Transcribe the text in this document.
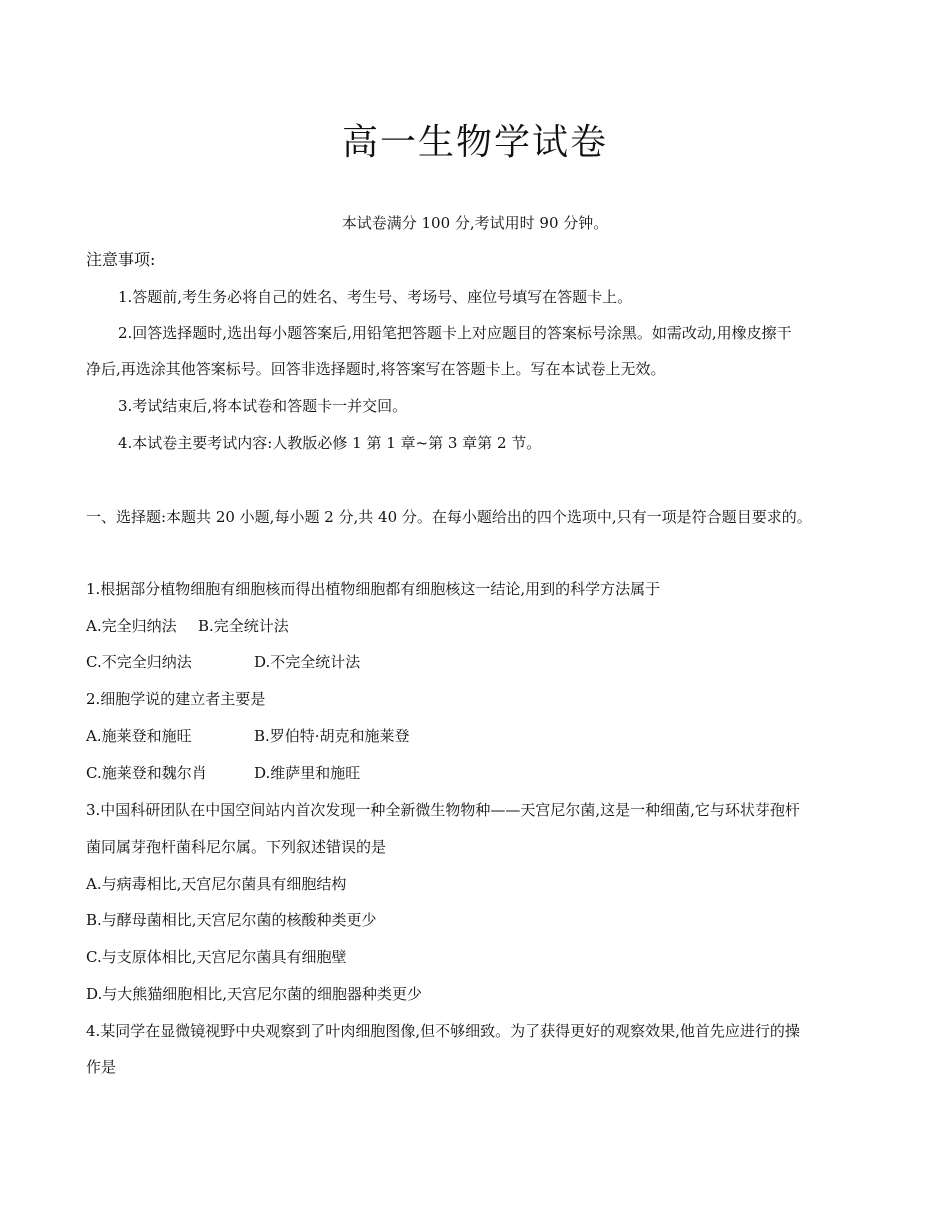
高一生物学试卷
本试卷满分 100 分,考试用时 90 分钟。
注意事项:
1.答题前,考生务必将自己的姓名、考生号、考场号、座位号填写在答题卡上。
2.回答选择题时,选出每小题答案后,用铅笔把答题卡上对应题目的答案标号涂黑。如需改动,用橡皮擦干
净后,再选涂其他答案标号。回答非选择题时,将答案写在答题卡上。写在本试卷上无效。
3.考试结束后,将本试卷和答题卡一并交回。
4.本试卷主要考试内容:人教版必修 1 第 1 章~第 3 章第 2 节。
一、选择题:本题共 20 小题,每小题 2 分,共 40 分。在每小题给出的四个选项中,只有一项是符合题目要求的。
1.根据部分植物细胞有细胞核而得出植物细胞都有细胞核这一结论,用到的科学方法属于
A.完全归纳法 B.完全统计法
C.不完全归纳法	D.不完全统计法
2.细胞学说的建立者主要是
A.施莱登和施旺	B.罗伯特·胡克和施莱登
C.施莱登和魏尔肖	D.维萨里和施旺
3.中国科研团队在中国空间站内首次发现一种全新微生物物种——天宫尼尔菌,这是一种细菌,它与环状芽孢杆
菌同属芽孢杆菌科尼尔属。下列叙述错误的是
A.与病毒相比,天宫尼尔菌具有细胞结构
B.与酵母菌相比,天宫尼尔菌的核酸种类更少
C.与支原体相比,天宫尼尔菌具有细胞壁
D.与大熊猫细胞相比,天宫尼尔菌的细胞器种类更少
4.某同学在显微镜视野中央观察到了叶肉细胞图像,但不够细致。为了获得更好的观察效果,他首先应进行的操
作是
